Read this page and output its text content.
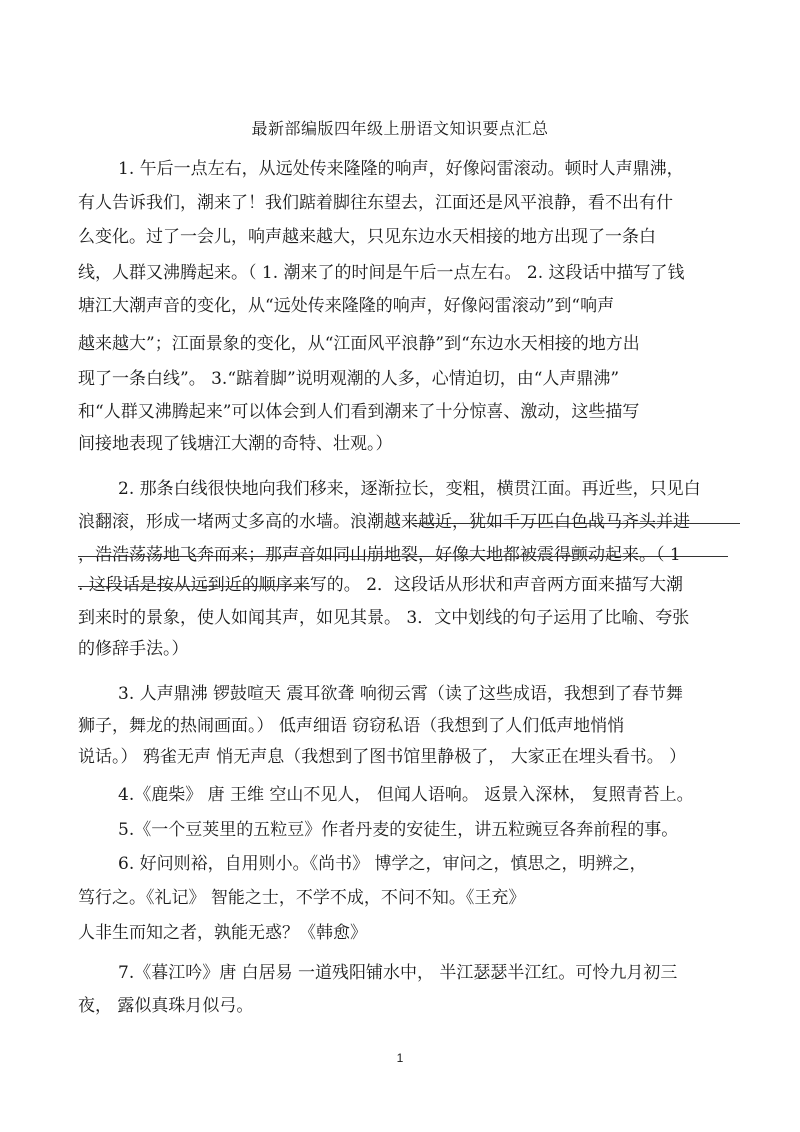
最新部编版四年级上册语文知识要点汇总
1. 午后一点左右，从远处传来隆隆的响声，好像闷雷滚动。顿时人声鼎沸，
有人告诉我们，潮来了！我们踮着脚往东望去，江面还是风平浪静，看不出有什
么变化。过了一会儿，响声越来越大，只见东边水天相接的地方出现了一条白
线，人群又沸腾起来。（ 1. 潮来了的时间是午后一点左右。 2. 这段话中描写了钱
塘江大潮声音的变化，从“远处传来隆隆的响声，好像闷雷滚动”到“响声
越来越大”；江面景象的变化，从“江面风平浪静”到“东边水天相接的地方出
现了一条白线”。 3.“踮着脚”说明观潮的人多，心情迫切，由“人声鼎沸”
和“人群又沸腾起来”可以体会到人们看到潮来了十分惊喜、激动，这些描写
间接地表现了钱塘江大潮的奇特、壮观。）
2. 那条白线很快地向我们移来，逐渐拉长，变粗，横贯江面。再近些，只见白
浪翻滚，形成一堵两丈多高的水墙。浪潮越来越近，犹如千万匹白色战马齐头并进
，浩浩荡荡地飞奔而来；那声音如同山崩地裂，好像大地都被震得颤动起来。（ 1
. 这段话是按从远到近的顺序来写的。 2．这段话从形状和声音两方面来描写大潮
到来时的景象，使人如闻其声，如见其景。 3．文中划线的句子运用了比喻、夸张
的修辞手法。）
3. 人声鼎沸 锣鼓喧天 震耳欲聋 响彻云霄（读了这些成语，我想到了春节舞
狮子，舞龙的热闹画面。） 低声细语 窃窃私语（我想到了人们低声地悄悄
说话。） 鸦雀无声 悄无声息（我想到了图书馆里静极了， 大家正在埋头看书。 ）
4.《鹿柴》 唐 王维 空山不见人， 但闻人语响。 返景入深林， 复照青苔上。
5.《一个豆荚里的五粒豆》作者丹麦的安徒生，讲五粒豌豆各奔前程的事。
6. 好问则裕，自用则小。《尚书》 博学之，审问之，慎思之，明辨之，
笃行之。《礼记》 智能之士，不学不成，不问不知。《王充》
人非生而知之者，孰能无惑？《韩愈》
7.《暮江吟》唐 白居易 一道残阳铺水中， 半江瑟瑟半江红。可怜九月初三
夜， 露似真珠月似弓。
1
